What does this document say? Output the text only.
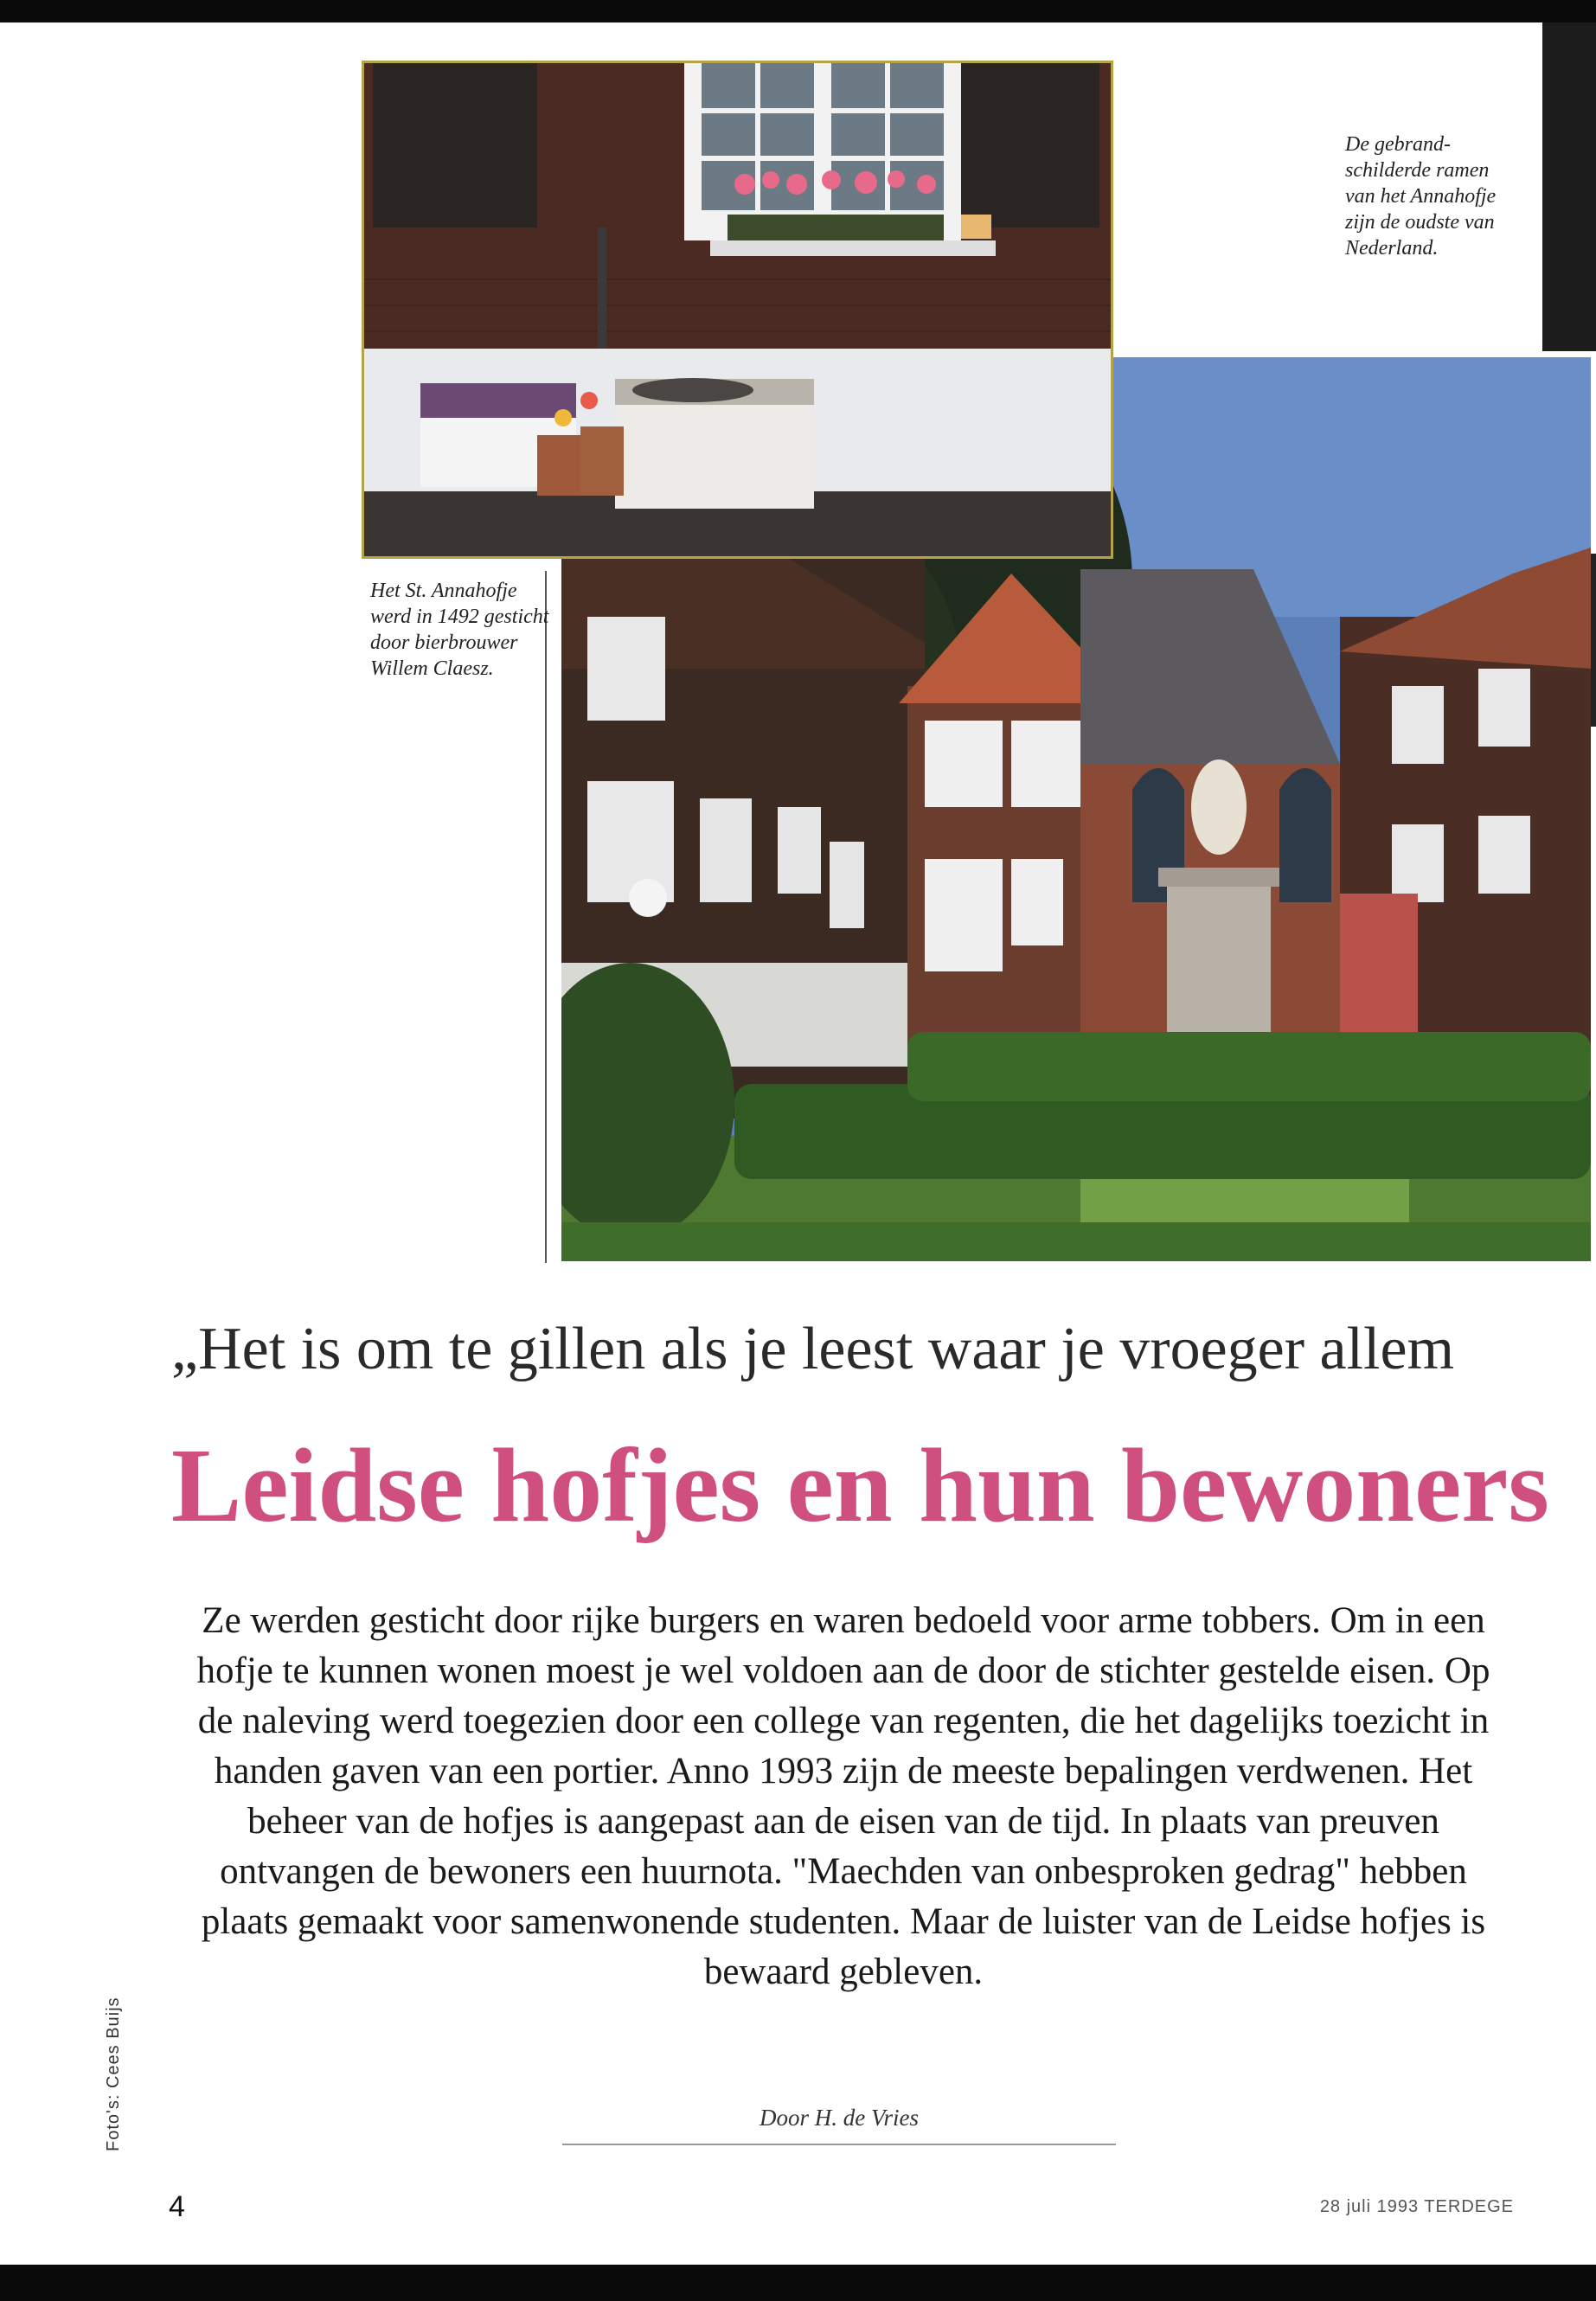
De gebrand-schilderde ramen van het Annahofje zijn de oudste van Nederland.
Het St. Annahofje werd in 1492 gesticht door bierbrouwer Willem Claesz.
„Het is om te gillen als je leest waar je vroeger allem
Leidse hofjes en hun bewoners

Ze werden gesticht door rijke burgers en waren bedoeld voor arme tobbers. Om in een hofje te kunnen wonen moest je wel voldoen aan de door de stichter gestelde eisen. Op de naleving werd toegezien door een college van regenten, die het dagelijks toezicht in handen gaven van een portier. Anno 1993 zijn de meeste bepalingen verdwenen. Het beheer van de hofjes is aangepast aan de eisen van de tijd. In plaats van preuven ontvangen de bewoners een huurnota. "Maechden van onbesproken gedrag" hebben plaats gemaakt voor samenwonende studenten. Maar de luister van de Leidse hofjes is bewaard gebleven.

Door H. de Vries
Foto's: Cees Buijs
4	28 juli 1993 TERDEGE
